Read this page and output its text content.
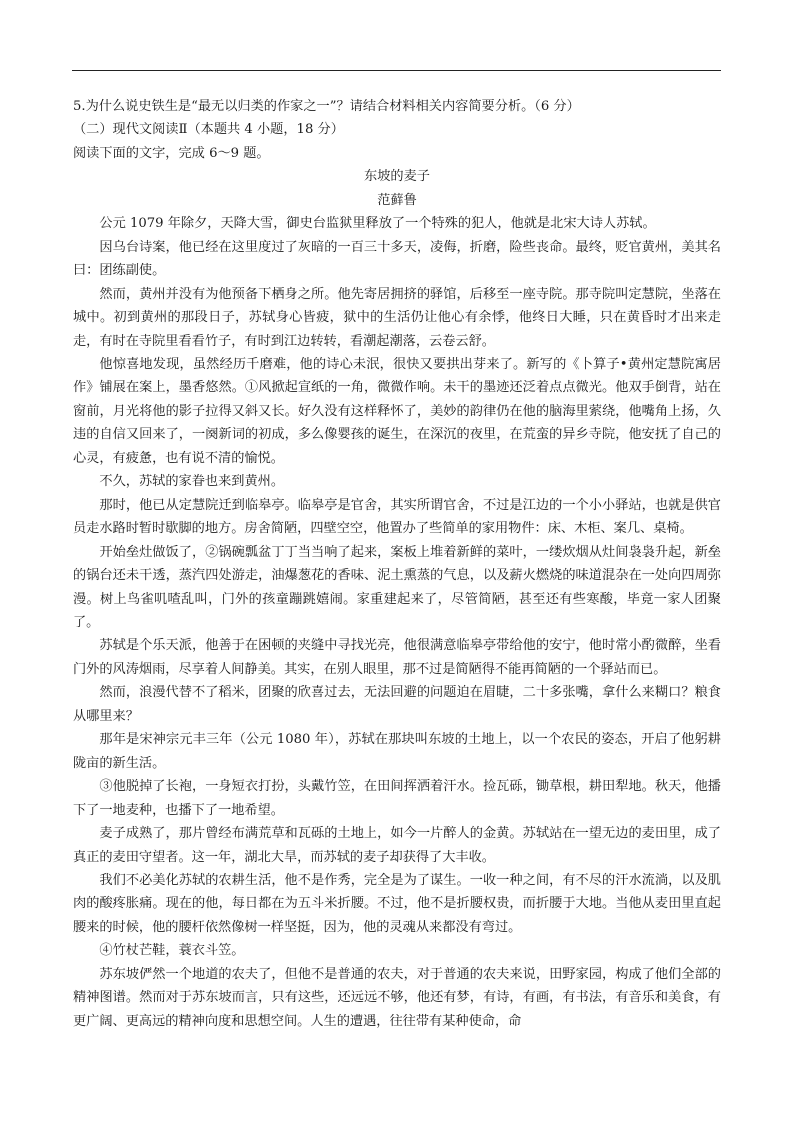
5.为什么说史铁生是“最无以归类的作家之一”？请结合材料相关内容简要分析。（6 分）

（二）现代文阅读Ⅱ（本题共 4 小题，18 分）

阅读下面的文字，完成 6～9 题。

东坡的麦子

范藓鲁

公元 1079 年除夕，天降大雪，御史台监狱里释放了一个特殊的犯人，他就是北宋大诗人苏轼。

因乌台诗案，他已经在这里度过了灰暗的一百三十多天，凌侮，折磨，险些丧命。最终，贬官黄州，美其名曰：团练副使。

然而，黄州并没有为他预备下栖身之所。他先寄居拥挤的驿馆，后移至一座寺院。那寺院叫定慧院，坐落在城中。初到黄州的那段日子，苏轼身心皆疲，狱中的生活仍让他心有余悸，他终日大睡，只在黄昏时才出来走走，有时在寺院里看看竹子，有时到江边转转，看潮起潮落，云卷云舒。

他惊喜地发现，虽然经历千磨难，他的诗心未泯，很快又要拱出芽来了。新写的《卜算子•黄州定慧院寓居作》铺展在案上，墨香悠然。①风掀起宣纸的一角，微微作响。未干的墨迹还泛着点点微光。他双手倒背，站在窗前，月光将他的影子拉得又斜又长。好久没有这样释怀了，美妙的韵律仍在他的脑海里萦绕，他嘴角上扬，久违的自信又回来了，一阕新词的初成，多么像婴孩的诞生，在深沉的夜里，在荒蛮的异乡寺院，他安抚了自己的心灵，有疲惫，也有说不清的愉悦。

不久，苏轼的家眷也来到黄州。

那时，他已从定慧院迁到临皋亭。临皋亭是官舍，其实所谓官舍，不过是江边的一个小小驿站，也就是供官员走水路时暂时歇脚的地方。房舍简陋，四壁空空，他置办了些简单的家用物件：床、木柜、案几、桌椅。

开始垒灶做饭了，②锅碗瓢盆丁丁当当响了起来，案板上堆着新鲜的菜叶，一缕炊烟从灶间袅袅升起，新垒的锅台还未干透，蒸汽四处游走，油爆葱花的香味、泥土熏蒸的气息，以及薪火燃烧的味道混杂在一处向四周弥漫。树上鸟雀叽喳乱叫，门外的孩童蹦跳嬉闹。家重建起来了，尽管简陋，甚至还有些寒酸，毕竟一家人团聚了。

苏轼是个乐天派，他善于在困顿的夹缝中寻找光亮，他很满意临皋亭带给他的安宁，他时常小酌微醉，坐看门外的风涛烟雨，尽享着人间静美。其实，在别人眼里，那不过是简陋得不能再简陋的一个驿站而已。

然而，浪漫代替不了稻米，团聚的欣喜过去，无法回避的问题迫在眉睫，二十多张嘴，拿什么来糊口？粮食从哪里来？

那年是宋神宗元丰三年（公元 1080 年），苏轼在那块叫东坡的土地上，以一个农民的姿态，开启了他躬耕陇亩的新生活。

③他脱掉了长袍，一身短衣打扮，头戴竹笠，在田间挥洒着汗水。捡瓦砾，锄草根，耕田犁地。秋天，他播下了一地麦种，也播下了一地希望。

麦子成熟了，那片曾经布满荒草和瓦砾的土地上，如今一片醉人的金黄。苏轼站在一望无边的麦田里，成了真正的麦田守望者。这一年，湖北大旱，而苏轼的麦子却获得了大丰收。

我们不必美化苏轼的农耕生活，他不是作秀，完全是为了谋生。一收一种之间，有不尽的汗水流淌，以及肌肉的酸疼胀痛。现在的他，每日都在为五斗米折腰。不过，他不是折腰权贵，而折腰于大地。当他从麦田里直起腰来的时候，他的腰杆依然像树一样坚挺，因为，他的灵魂从来都没有弯过。

④竹杖芒鞋，蓑衣斗笠。

苏东坡俨然一个地道的农夫了，但他不是普通的农夫，对于普通的农夫来说，田野家园，构成了他们全部的精神图谱。然而对于苏东坡而言，只有这些，还远远不够，他还有梦，有诗，有画，有书法，有音乐和美食，有更广阔、更高远的精神向度和思想空间。人生的遭遇，往往带有某种使命，命
